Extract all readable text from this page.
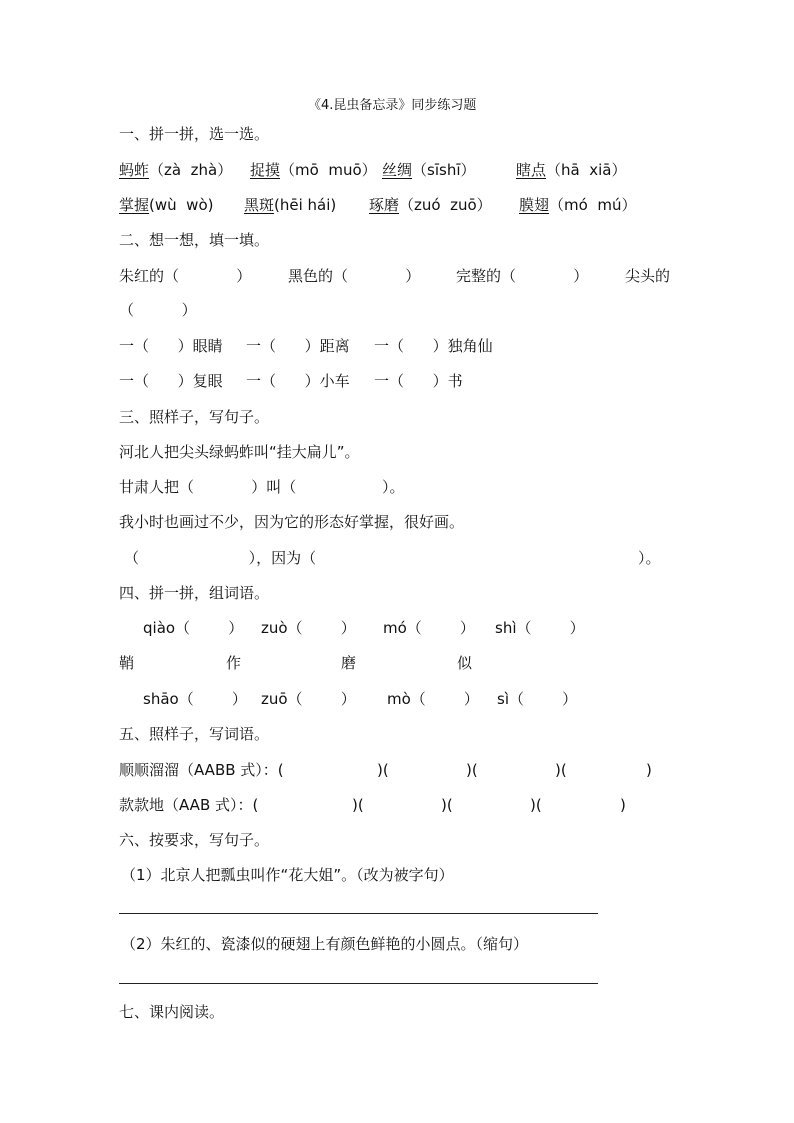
《4.昆虫备忘录》同步练习题
一、拼一拼，选一选。
蚂蚱（zà  zhà） 捉摸（mō  muō） 丝绸（sīshī）	瞎点（hā  xiā）
掌握(wù  wò) 黑斑(hēi hái) 琢磨（zuó  zuō） 膜翅（mó  mú）
二、想一想，填一填。
朱红的（            ） 黑色的（            ） 完整的（            ） 尖头的
（          ）
一（      ）眼睛 一（      ）距离 一（      ）独角仙
一（      ）复眼 一（      ）小车 一（      ）书
三、照样子，写句子。
河北人把尖头绿蚂蚱叫“挂大扁儿”。
甘肃人把（            ）叫（                  ）。
我小时也画过不少，因为它的形态好掌握，很好画。
（                       ），因为（	）。
四、拼一拼，组词语。
qiào（        ） zuò（        ） mó（        ） shì（        ）
鞘	作	磨	似
shāo（        ） zuō（        ） mò（        ） sì（        ）
五、照样子，写词语。
顺顺溜溜（AABB 式）：(	)(	)(	)(	)
款款地（AAB 式）：(	)(	)(	)(	)
六、按要求，写句子。
（1）北京人把瓢虫叫作“花大姐”。（改为被字句）
（2）朱红的、瓷漆似的硬翅上有颜色鲜艳的小圆点。（缩句）
七、课内阅读。
